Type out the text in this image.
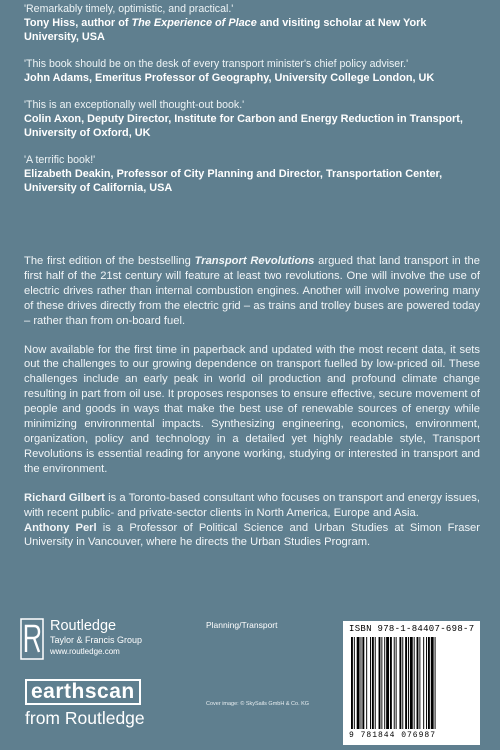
'Remarkably timely, optimistic, and practical.'
Tony Hiss, author of The Experience of Place and visiting scholar at New York University, USA
'This book should be on the desk of every transport minister's chief policy adviser.'
John Adams, Emeritus Professor of Geography, University College London, UK
'This is an exceptionally well thought-out book.'
Colin Axon, Deputy Director, Institute for Carbon and Energy Reduction in Transport, University of Oxford, UK
'A terrific book!'
Elizabeth Deakin, Professor of City Planning and Director, Transportation Center, University of California, USA

The first edition of the bestselling Transport Revolutions argued that land transport in the first half of the 21st century will feature at least two revolutions. One will involve the use of electric drives rather than internal combustion engines. Another will involve powering many of these drives directly from the electric grid – as trains and trolley buses are powered today – rather than from on-board fuel.

Now available for the first time in paperback and updated with the most recent data, it sets out the challenges to our growing dependence on transport fuelled by low-priced oil. These challenges include an early peak in world oil production and profound climate change resulting in part from oil use. It proposes responses to ensure effective, secure movement of people and goods in ways that make the best use of renewable sources of energy while minimizing environmental impacts. Synthesizing engineering, economics, environment, organization, policy and technology in a detailed yet highly readable style, Transport Revolutions is essential reading for anyone working, studying or interested in transport and the environment.

Richard Gilbert is a Toronto-based consultant who focuses on transport and energy issues, with recent public- and private-sector clients in North America, Europe and Asia.

Anthony Perl is a Professor of Political Science and Urban Studies at Simon Fraser University in Vancouver, where he directs the Urban Studies Program.

Routledge
Taylor & Francis Group
www.routledge.com
earthscan
from Routledge
Planning/Transport
Cover image: © SkySails GmbH & Co. KG
ISBN 978-1-84407-698-7
9 781844 076987
